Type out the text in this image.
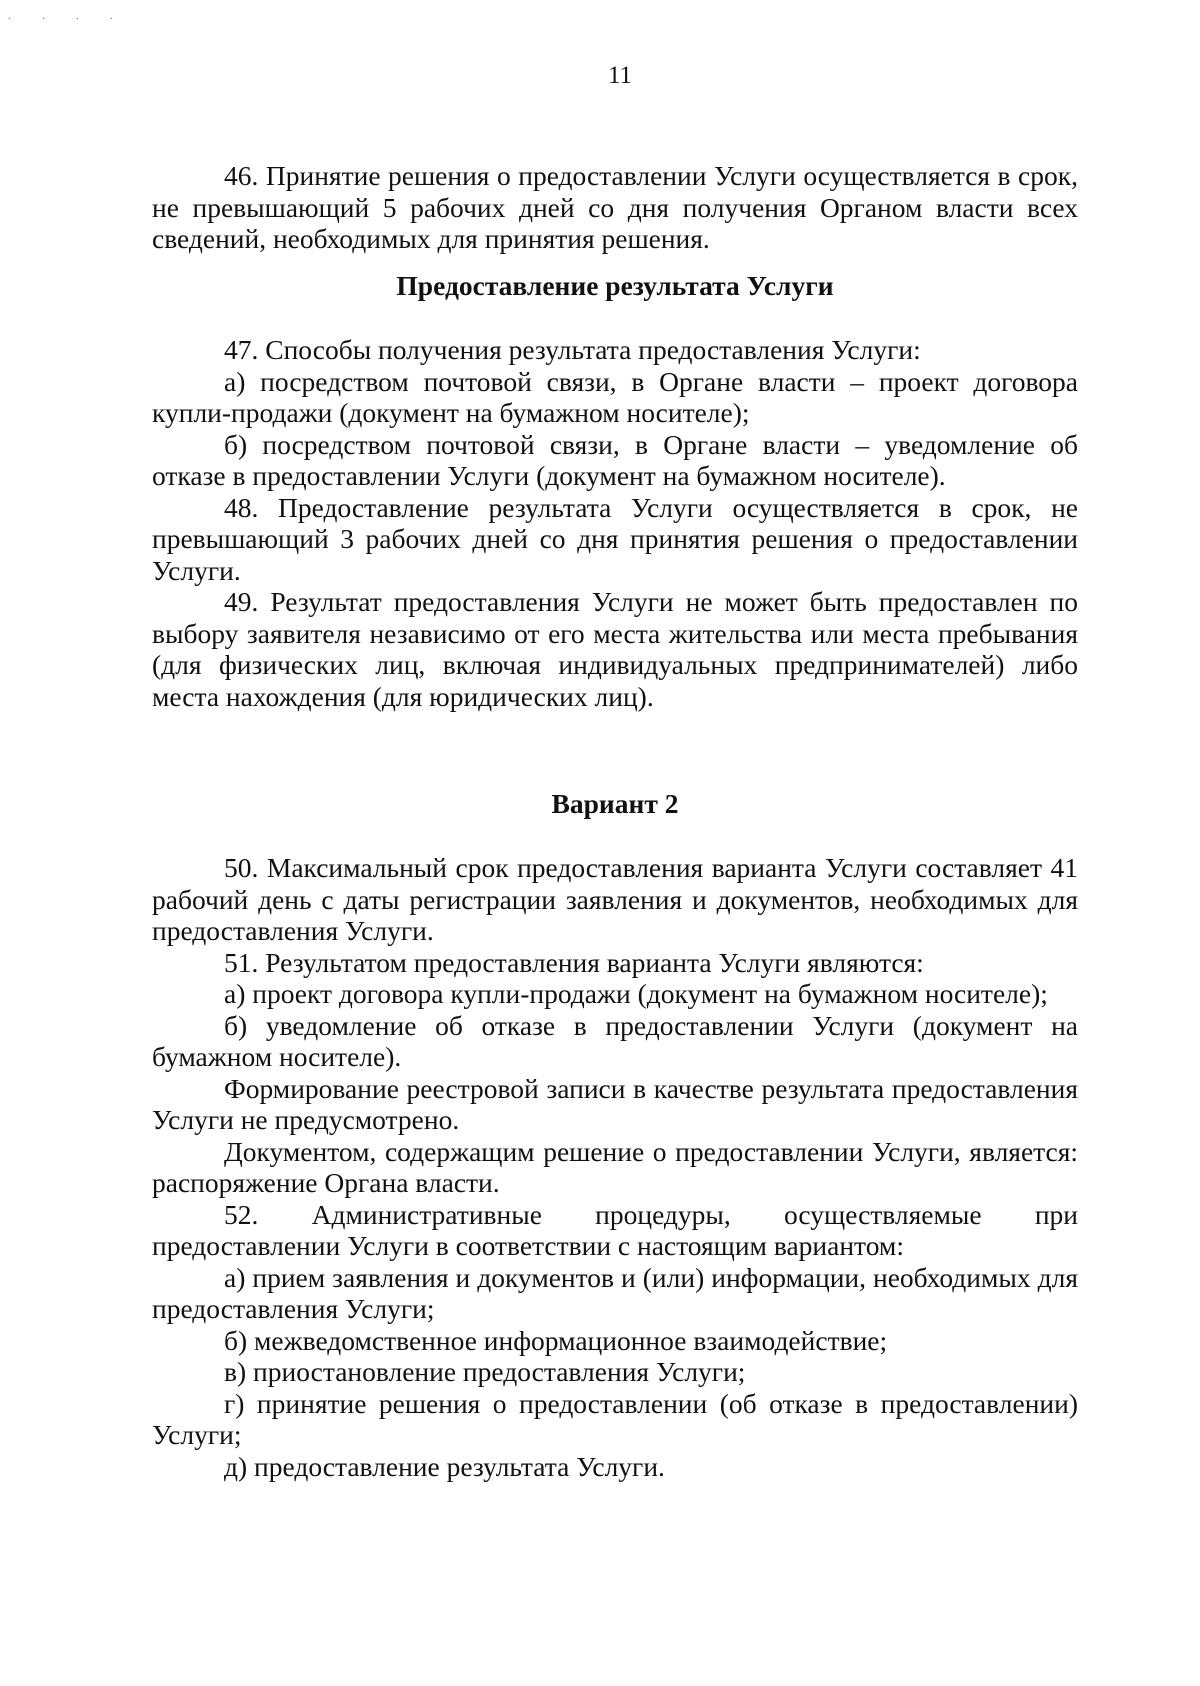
· · · ·
11

46. Принятие решения о предоставлении Услуги осуществляется в срок, не превышающий 5 рабочих дней со дня получения Органом власти всех сведений, необходимых для принятия решения.

Предоставление результата Услуги

47. Способы получения результата предоставления Услуги:

а) посредством почтовой связи, в Органе власти – проект договора купли-продажи (документ на бумажном носителе);

б) посредством почтовой связи, в Органе власти – уведомление об отказе в предоставлении Услуги (документ на бумажном носителе).

48. Предоставление результата Услуги осуществляется в срок, не превышающий 3 рабочих дней со дня принятия решения о предоставлении Услуги.

49. Результат предоставления Услуги не может быть предоставлен по выбору заявителя независимо от его места жительства или места пребывания (для физических лиц, включая индивидуальных предпринимателей) либо места нахождения (для юридических лиц).

Вариант 2

50. Максимальный срок предоставления варианта Услуги составляет 41 рабочий день с даты регистрации заявления и документов, необходимых для предоставления Услуги.

51. Результатом предоставления варианта Услуги являются:

а) проект договора купли-продажи (документ на бумажном носителе);

б) уведомление об отказе в предоставлении Услуги (документ на бумажном носителе).

Формирование реестровой записи в качестве результата предоставления Услуги не предусмотрено.

Документом, содержащим решение о предоставлении Услуги, является: распоряжение Органа власти.

52. Административные процедуры, осуществляемые при предоставлении Услуги в соответствии с настоящим вариантом:

а) прием заявления и документов и (или) информации, необходимых для предоставления Услуги;

б) межведомственное информационное взаимодействие;

в) приостановление предоставления Услуги;

г) принятие решения о предоставлении (об отказе в предоставлении) Услуги;

д) предоставление результата Услуги.
